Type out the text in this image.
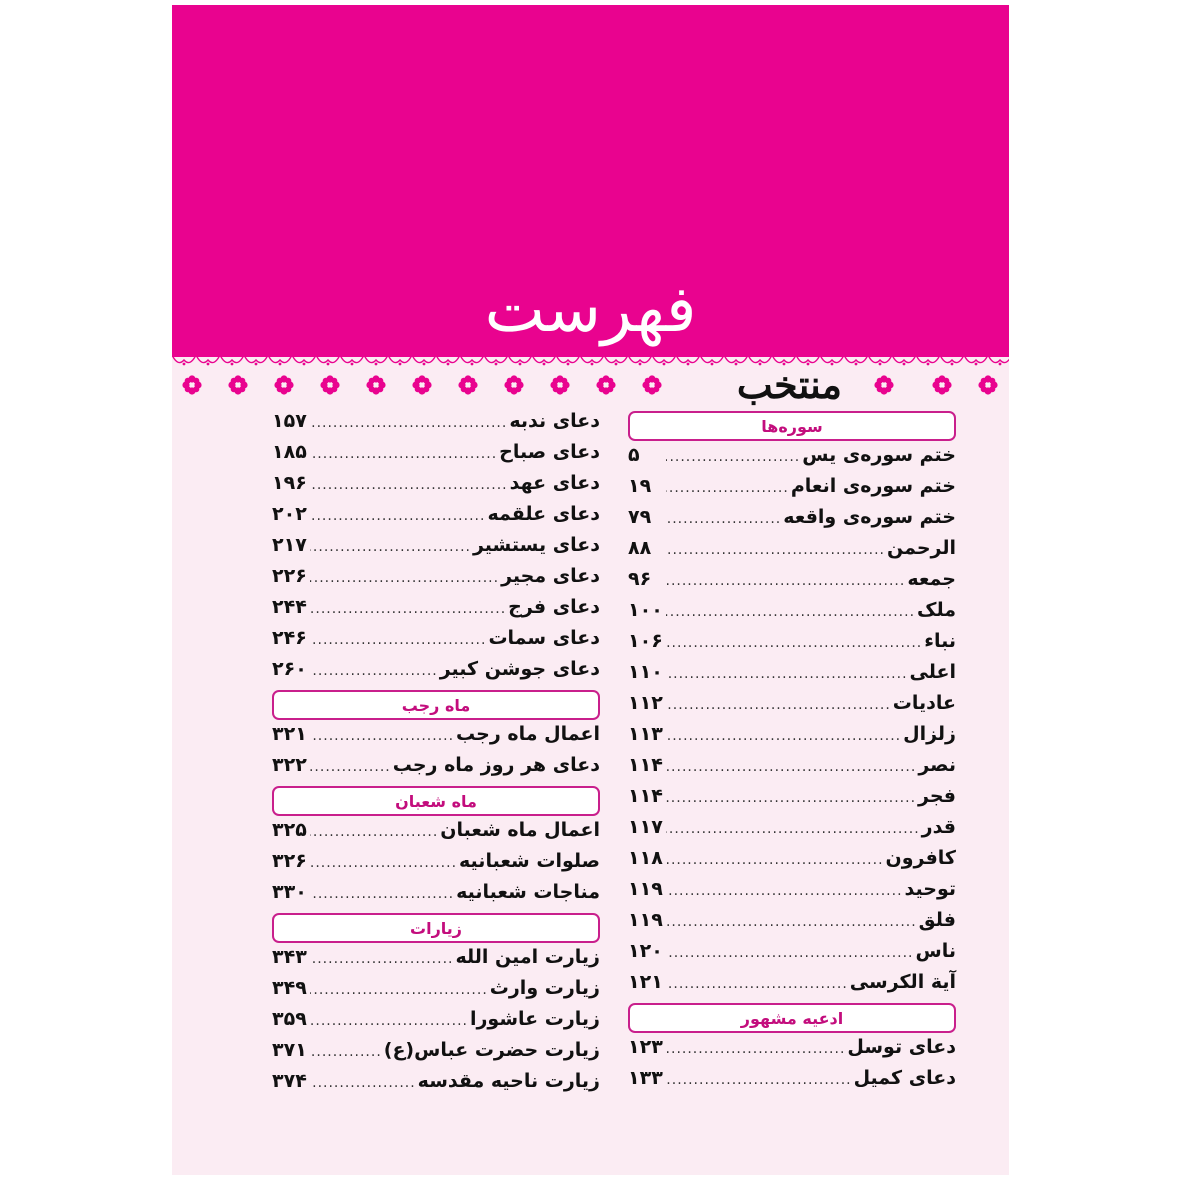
فهرست
منتخب
سوره‌ها
ختم سوره‌ی یس
.....
۵
ختم سوره‌ی انعام
.....
۱۹
ختم سوره‌ی واقعه
.....
۷۹
الرحمن
.....
۸۸
جمعه
.....
۹۶
ملک
.....
۱۰۰
نباء
.....
۱۰۶
اعلی
.....
۱۱۰
عادیات
.....
۱۱۲
زلزال
.....
۱۱۳
نصر
.....
۱۱۴
فجر
.....
۱۱۴
قدر
.....
۱۱۷
کافرون
.....
۱۱۸
توحید
.....
۱۱۹
فلق
.....
۱۱۹
ناس
.....
۱۲۰
آیة الکرسی
.....
۱۲۱
ادعیه مشهور
دعای توسل
.....
۱۲۳
دعای کمیل
.....
۱۳۳
دعای ندبه
.....
۱۵۷
دعای صباح
.....
۱۸۵
دعای عهد
.....
۱۹۶
دعای علقمه
.....
۲۰۲
دعای یستشیر
.....
۲۱۷
دعای مجیر
.....
۲۲۶
دعای فرج
.....
۲۴۴
دعای سمات
.....
۲۴۶
دعای جوشن کبیر
.....
۲۶۰
ماه رجب
اعمال ماه رجب
.....
۳۲۱
دعای هر روز ماه رجب
.....
۳۲۲
ماه شعبان
اعمال ماه شعبان
.....
۳۲۵
صلوات شعبانیه
.....
۳۲۶
مناجات شعبانیه
.....
۳۳۰
زیارات
زیارت امین الله
.....
۳۴۳
زیارت وارث
.....
۳۴۹
زیارت عاشورا
.....
۳۵۹
زیارت حضرت عباس(ع)
.....
۳۷۱
زیارت ناحیه مقدسه
.....
۳۷۴
